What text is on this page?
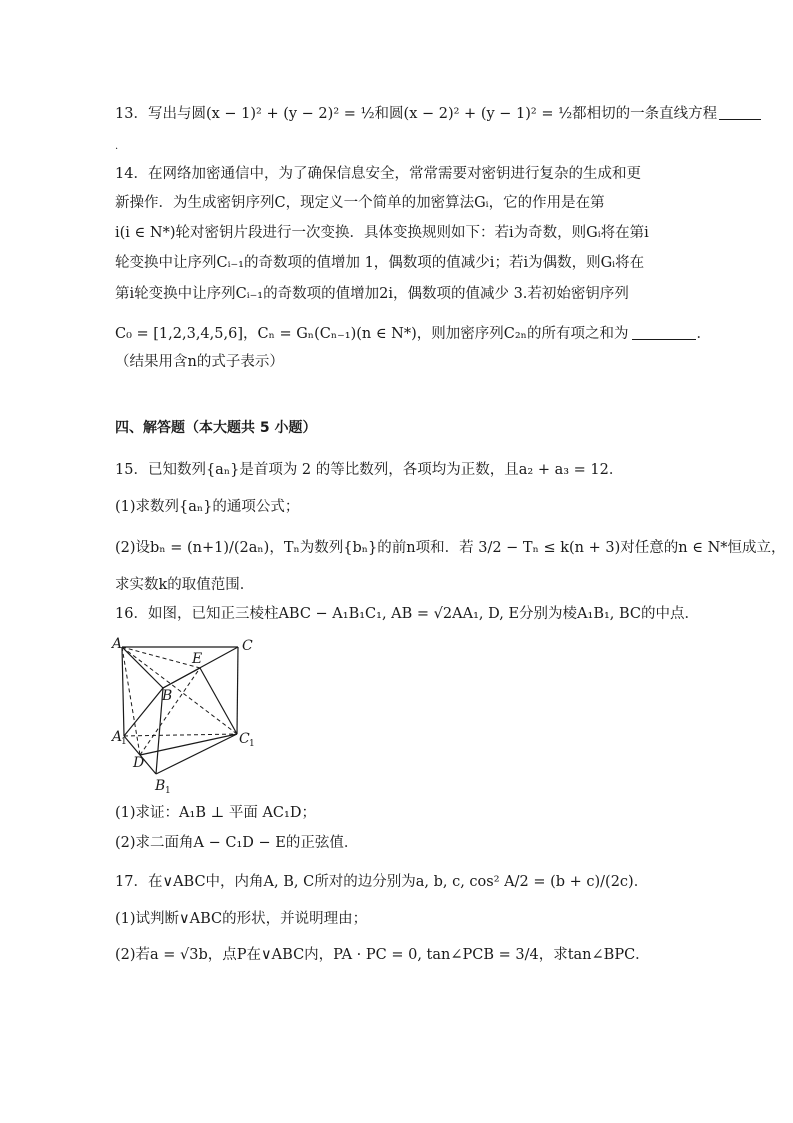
13．写出与圆(x − 1)² + (y − 2)² = ½和圆(x − 2)² + (y − 1)² = ½都相切的一条直线方程
.
14．在网络加密通信中，为了确保信息安全，常常需要对密钥进行复杂的生成和更
新操作．为生成密钥序列C，现定义一个简单的加密算法Gᵢ，它的作用是在第
i(i ∈ N*)轮对密钥片段进行一次变换．具体变换规则如下：若i为奇数，则Gᵢ将在第i
轮变换中让序列Cᵢ₋₁的奇数项的值增加 1，偶数项的值减少i；若i为偶数，则Gᵢ将在
第i轮变换中让序列Cᵢ₋₁的奇数项的值增加2i，偶数项的值减少 3.若初始密钥序列
C₀ = [1,2,3,4,5,6]，Cₙ = Gₙ(Cₙ₋₁)(n ∈ N*)，则加密序列C₂ₙ的所有项之和为	．
（结果用含n的式子表示）
四、解答题（本大题共 5 小题）
15．已知数列{aₙ}是首项为 2 的等比数列，各项均为正数，且a₂ + a₃ = 12．
(1)求数列{aₙ}的通项公式；
(2)设bₙ = (n+1)/(2aₙ)，Tₙ为数列{bₙ}的前n项和．若 3/2 − Tₙ ≤ k(n + 3)对任意的n ∈ N*恒成立，
求实数k的取值范围．
16．如图，已知正三棱柱ABC − A₁B₁C₁, AB = √2AA₁, D, E分别为棱A₁B₁, BC的中点．
A	C
E
B
A
1	C 1
D
B 1
(1)求证：A₁B ⊥ 平面 AC₁D；
(2)求二面角A − C₁D − E的正弦值．
17．在∨ABC中，内角A, B, C所对的边分别为a, b, c, cos² A/2 = (b + c)/(2c)．
(1)试判断∨ABC的形状，并说明理由；
(2)若a = √3b，点P在∨ABC内，PA · PC = 0, tan∠PCB = 3/4，求tan∠BPC．
